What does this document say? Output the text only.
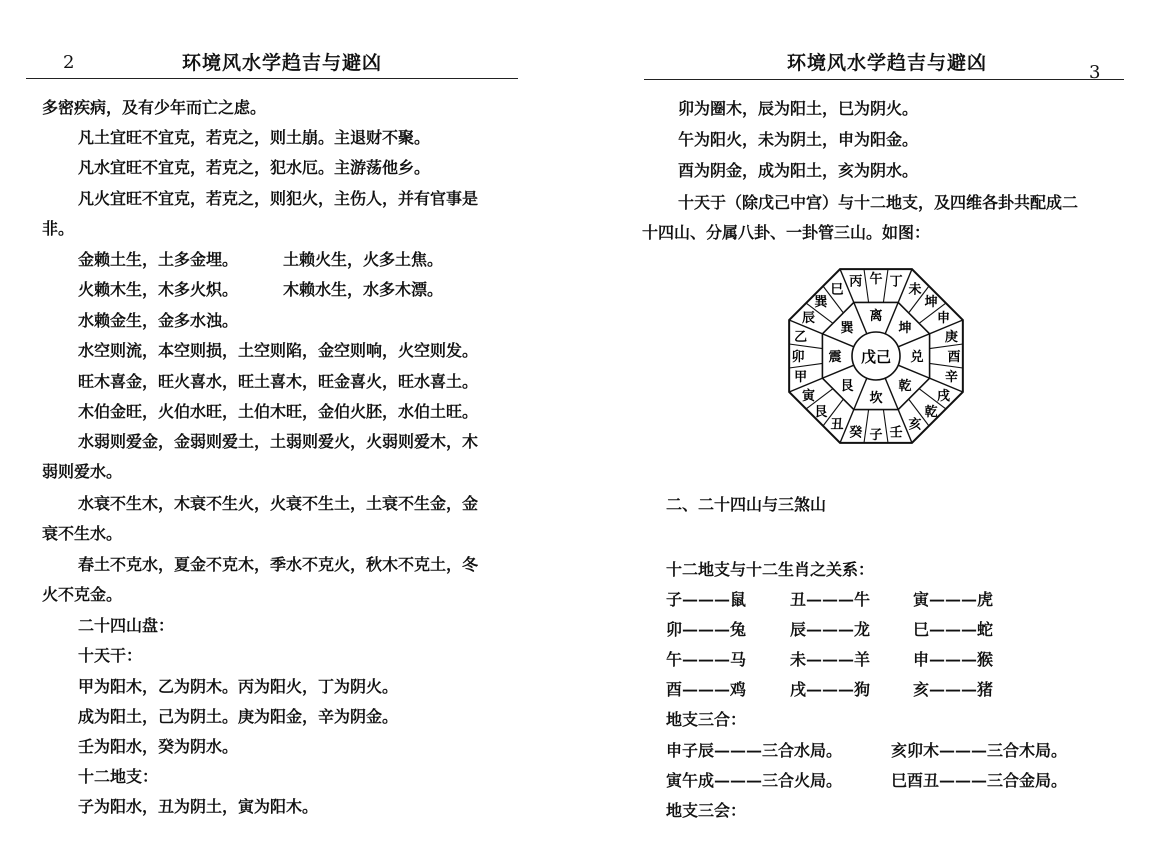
2	环境风水学趋吉与避凶
多密疾病，及有少年而亡之虑。
凡土宜旺不宜克，若克之，则土崩。主退财不聚。
凡水宜旺不宜克，若克之，犯水厄。主游荡他乡。
凡火宜旺不宜克，若克之，则犯火，主伤人，并有官事是
非。
金赖土生，土多金埋。	土赖火生，火多土焦。
火赖木生，木多火炽。	木赖水生，水多木漂。
水赖金生，金多水浊。
水空则流，本空则损，土空则陷，金空则响，火空则发。
旺木喜金，旺火喜水，旺土喜木，旺金喜火，旺水喜土。
木伯金旺，火伯水旺，土伯木旺，金伯火胚，水伯土旺。
水弱则爱金，金弱则爱土，土弱则爱火，火弱则爱木，木
弱则爱水。
水衰不生木，木衰不生火，火衰不生土，土衰不生金，金
衰不生水。
春土不克水，夏金不克木，季水不克火，秋木不克土，冬
火不克金。
二十四山盘：
十天干：
甲为阳木，乙为阴木。丙为阳火，丁为阴火。
成为阳土，己为阴土。庚为阳金，辛为阴金。
壬为阳水，癸为阴水。
十二地支：
子为阳水，丑为阴土，寅为阳木。
环境风水学趋吉与避凶	3
卯为圈木，辰为阳土，巳为阴火。
午为阳火，未为阴土，申为阳金。
酉为阴金，成为阳土，亥为阴水。
十天于（除戊己中宫）与十二地支，及四维各卦共配成二
十四山、分属八卦、一卦管三山。如图：
戊己
离
坤
兑
乾
坎
艮
震
巽
丙 午 丁
未
坤
申
庚
酉
辛
戌
乾
亥
壬
子
癸
丑
艮
寅
甲
卯
乙
辰
巽
巳
二、二十四山与三煞山
十二地支与十二生肖之关系：
子———鼠	丑———牛	寅———虎
卯———兔	辰———龙	巳———蛇
午———马	未———羊	申———猴
酉———鸡	戌———狗	亥———猪
地支三合：
申子辰———三合水局。	亥卯木———三合木局。
寅午成———三合火局。	巳酉丑———三合金局。
地支三会：
